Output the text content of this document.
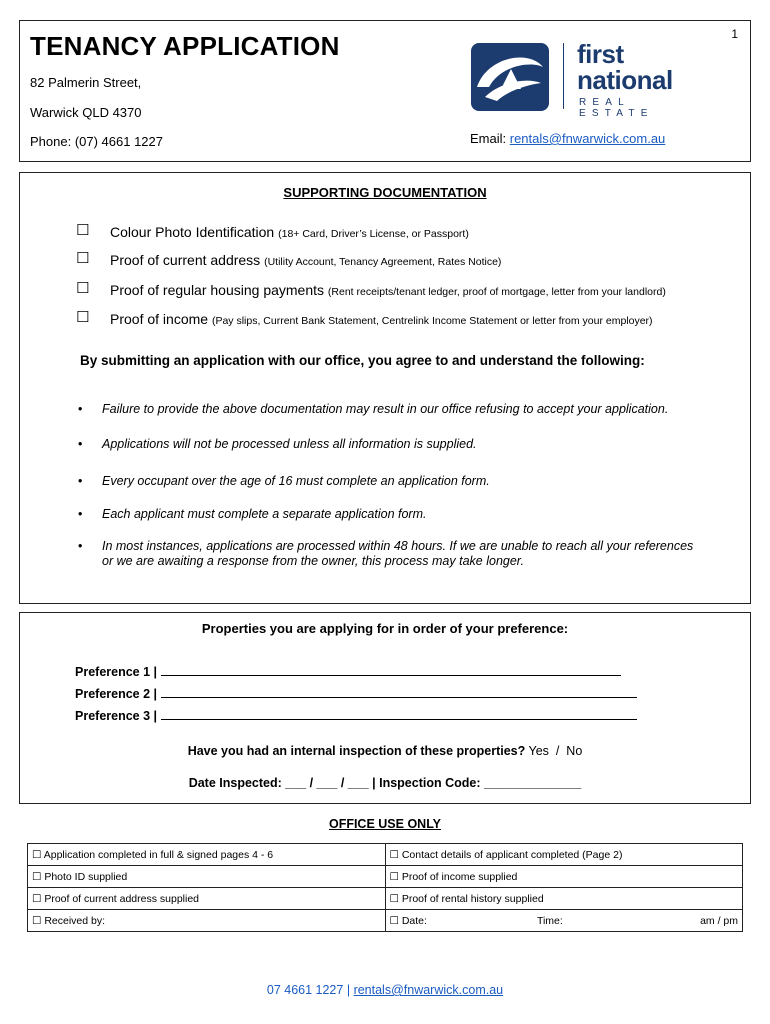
1
TENANCY APPLICATION
82 Palmerin Street,
Warwick QLD 4370
Phone: (07) 4661 1227
first
national
REAL ESTATE
Email: rentals@fnwarwick.com.au
SUPPORTING DOCUMENTATION
☐ Colour Photo Identification (18+ Card, Driver’s License, or Passport)
☐ Proof of current address (Utility Account, Tenancy Agreement, Rates Notice)
☐ Proof of regular housing payments (Rent receipts/tenant ledger, proof of mortgage, letter from your landlord)
☐ Proof of income (Pay slips, Current Bank Statement, Centrelink Income Statement or letter from your employer)
By submitting an application with our office, you agree to and understand the following:
• Failure to provide the above documentation may result in our office refusing to accept your application.
• Applications will not be processed unless all information is supplied.
• Every occupant over the age of 16 must complete an application form.
• Each applicant must complete a separate application form.
• In most instances, applications are processed within 48 hours. If we are unable to reach all your references or we are awaiting a response from the owner, this process may take longer.
Properties you are applying for in order of your preference:
Preference 1 |
Preference 2 |
Preference 3 |
Have you had an internal inspection of these properties? Yes  /  No
Date Inspected: ___ / ___ / ___ | Inspection Code: ______________
OFFICE USE ONLY
☐ Application completed in full & signed pages 4 - 6	☐ Contact details of applicant completed (Page 2)
☐ Photo ID supplied	☐ Proof of income supplied
☐ Proof of current address supplied	☐ Proof of rental history supplied
☐ Received by:	☐ Date: Time: am / pm
07 4661 1227 | rentals@fnwarwick.com.au
